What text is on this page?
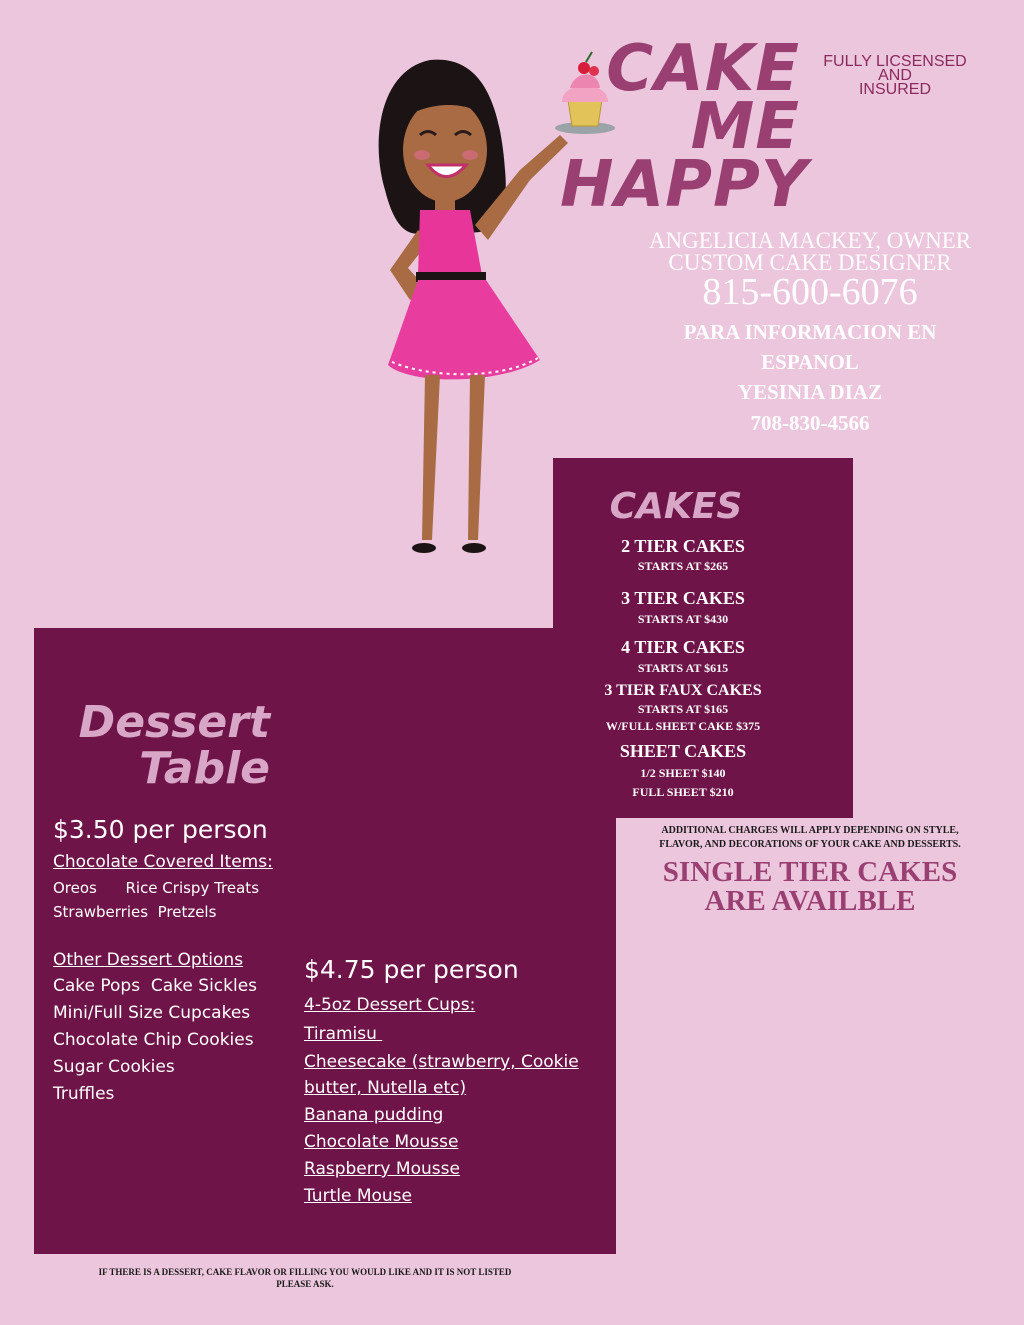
CAKE
ME
HAPPY
FULLY LICSENSED
AND
INSURED
ANGELICIA MACKEY, OWNER
CUSTOM CAKE DESIGNER
815-600-6076
PARA INFORMACION EN
ESPANOL
YESINIA DIAZ
708-830-4566
CAKES
2 TIER CAKES
STARTS AT $265
3 TIER CAKES
STARTS AT $430
4 TIER CAKES
STARTS AT $615
3 TIER FAUX CAKES
STARTS AT $165
W/FULL SHEET CAKE $375
SHEET CAKES
1/2 SHEET $140
FULL SHEET $210
ADDITIONAL CHARGES WILL APPLY DEPENDING ON STYLE,
FLAVOR, AND DECORATIONS OF YOUR CAKE AND DESSERTS.
SINGLE TIER CAKES
ARE AVAILBLE
Dessert
Table
$3.50 per person
Chocolate Covered Items:
Oreos      Rice Crispy Treats
Strawberries  Pretzels
Other Dessert Options
Cake Pops  Cake Sickles
Mini/Full Size Cupcakes
Chocolate Chip Cookies
Sugar Cookies
Truffles
$4.75 per person
4-5oz Dessert Cups:
Tiramisu
Cheesecake (strawberry, Cookie
butter, Nutella etc)
Banana pudding
Chocolate Mousse
Raspberry Mousse
Turtle Mouse
IF THERE IS A DESSERT, CAKE FLAVOR OR FILLING YOU WOULD LIKE AND IT IS NOT LISTED
PLEASE ASK.
